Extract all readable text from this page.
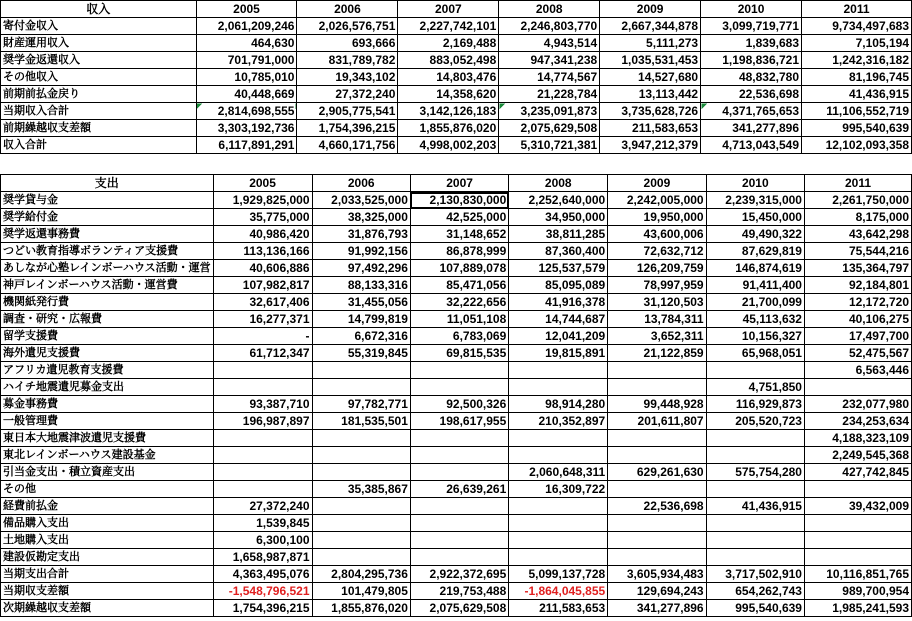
収入	2005	2006	2007	2008	2009	2010	2011
寄付金収入	2,061,209,246	2,026,576,751	2,227,742,101	2,246,803,770	2,667,344,878	3,099,719,771	9,734,497,683
財産運用収入	464,630	693,666	2,169,488	4,943,514	5,111,273	1,839,683	7,105,194
奨学金返還収入	701,791,000	831,789,782	883,052,498	947,341,238	1,035,531,453	1,198,836,721	1,242,316,182
その他収入	10,785,010	19,343,102	14,803,476	14,774,567	14,527,680	48,832,780	81,196,745
前期前払金戻り	40,448,669	27,372,240	14,358,620	21,228,784	13,113,442	22,536,698	41,436,915
当期収入合計	2,814,698,555	2,905,775,541	3,142,126,183	3,235,091,873	3,735,628,726	4,371,765,653	11,106,552,719
前期繰越収支差額	3,303,192,736	1,754,396,215	1,855,876,020	2,075,629,508	211,583,653	341,277,896	995,540,639
収入合計	6,117,891,291	4,660,171,756	4,998,002,203	5,310,721,381	3,947,212,379	4,713,043,549	12,102,093,358
支出	2005	2006	2007	2008	2009	2010	2011
奨学貸与金	1,929,825,000	2,033,525,000	2,130,830,000	2,252,640,000	2,242,005,000	2,239,315,000	2,261,750,000
奨学給付金	35,775,000	38,325,000	42,525,000	34,950,000	19,950,000	15,450,000	8,175,000
奨学返還事務費	40,986,420	31,876,793	31,148,652	38,811,285	43,600,006	49,490,322	43,642,298
つどい教育指導ボランティア支援費	113,136,166	91,992,156	86,878,999	87,360,400	72,632,712	87,629,819	75,544,216
あしなが心塾レインボーハウス活動・運営	40,606,886	97,492,296	107,889,078	125,537,579	126,209,759	146,874,619	135,364,797
神戸レインボーハウス活動・運営費	107,982,817	88,133,316	85,471,056	85,095,089	78,997,959	91,411,400	92,184,801
機関紙発行費	32,617,406	31,455,056	32,222,656	41,916,378	31,120,503	21,700,099	12,172,720
調査・研究・広報費	16,277,371	14,799,819	11,051,108	14,744,687	13,784,311	45,113,632	40,106,275
留学支援費	-	6,672,316	6,783,069	12,041,209	3,652,311	10,156,327	17,497,700
海外遺児支援費	61,712,347	55,319,845	69,815,535	19,815,891	21,122,859	65,968,051	52,475,567
アフリカ遺児教育支援費							6,563,446
ハイチ地震遺児募金支出						4,751,850	
募金事務費	93,387,710	97,782,771	92,500,326	98,914,280	99,448,928	116,929,873	232,077,980
一般管理費	196,987,897	181,535,501	198,617,955	210,352,897	201,611,807	205,520,723	234,253,634
東日本大地震津波遺児支援費							4,188,323,109
東北レインボーハウス建設基金							2,249,545,368
引当金支出・積立資産支出				2,060,648,311	629,261,630	575,754,280	427,742,845
その他		35,385,867	26,639,261	16,309,722			
経費前払金	27,372,240				22,536,698	41,436,915	39,432,009
備品購入支出	1,539,845						
土地購入支出	6,300,100						
建設仮勘定支出	1,658,987,871						
当期支出合計	4,363,495,076	2,804,295,736	2,922,372,695	5,099,137,728	3,605,934,483	3,717,502,910	10,116,851,765
当期収支差額	-1,548,796,521	101,479,805	219,753,488	-1,864,045,855	129,694,243	654,262,743	989,700,954
次期繰越収支差額	1,754,396,215	1,855,876,020	2,075,629,508	211,583,653	341,277,896	995,540,639	1,985,241,593
